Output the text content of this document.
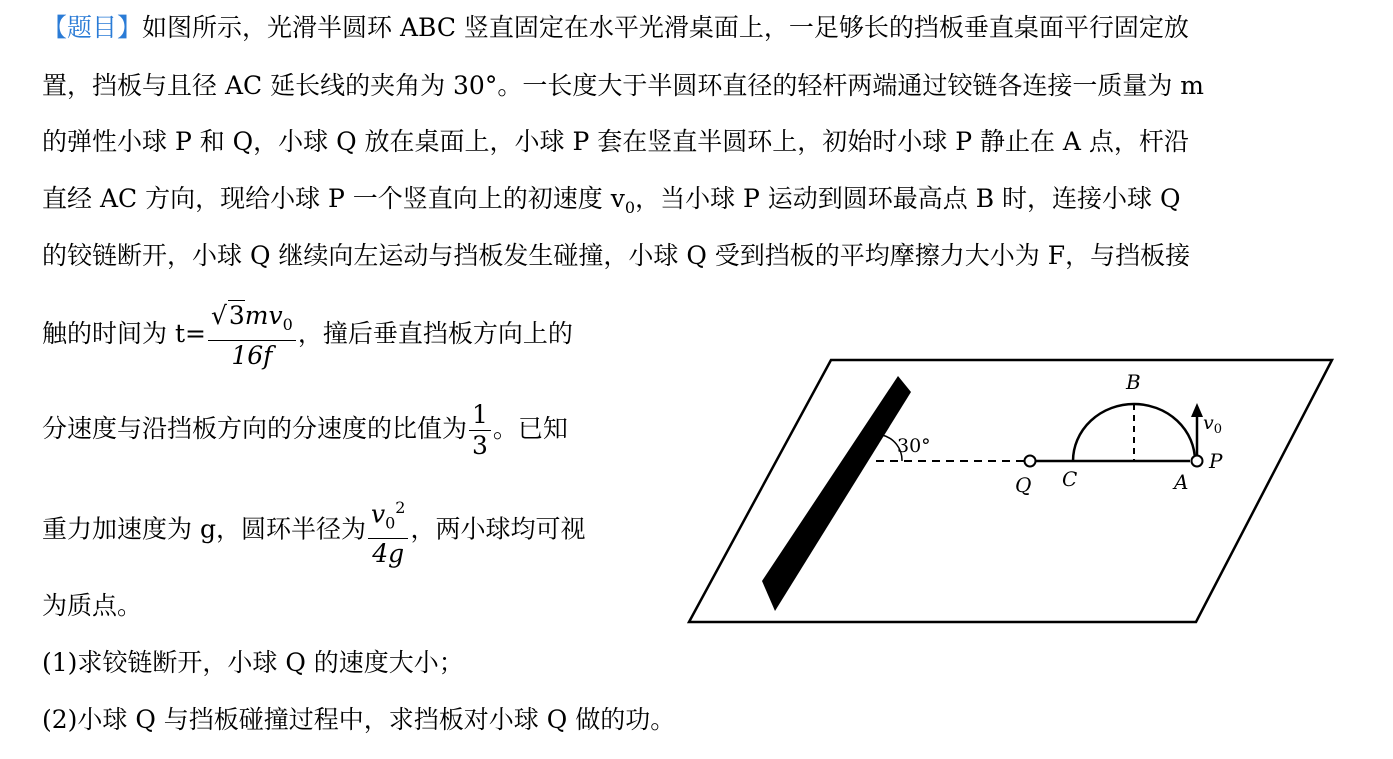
【题目】如图所示，光滑半圆环 ABC 竖直固定在水平光滑桌面上，一足够长的挡板垂直桌面平行固定放
置，挡板与且径 AC 延长线的夹角为 30°。一长度大于半圆环直径的轻杆两端通过铰链各连接一质量为 m
的弹性小球 P 和 Q，小球 Q 放在桌面上，小球 P 套在竖直半圆环上，初始时小球 P 静止在 A 点，杆沿
直经 AC 方向，现给小球 P 一个竖直向上的初速度 $v_0$，当小球 P 运动到圆环最高点 B 时，连接小球 Q
的铰链断开，小球 Q 继续向左运动与挡板发生碰撞，小球 Q 受到挡板的平均摩擦力大小为 F，与挡板接
触的时间为 $t= \frac{√3mv_0}{16f}$ ，撞后垂直挡板方向上的
分速度与沿挡板方向的分速度的比值为 $\frac{1}{3}$ 。已知
重力加速度为 g，圆环半径为 $\frac{v_0^2}{4g}$ ，两小球均可视
为质点。
(1)求铰链断开，小球 Q 的速度大小；
(2)小球 Q 与挡板碰撞过程中，求挡板对小球 Q 做的功。
30°
B
$v_0$
P
A
C
Q
